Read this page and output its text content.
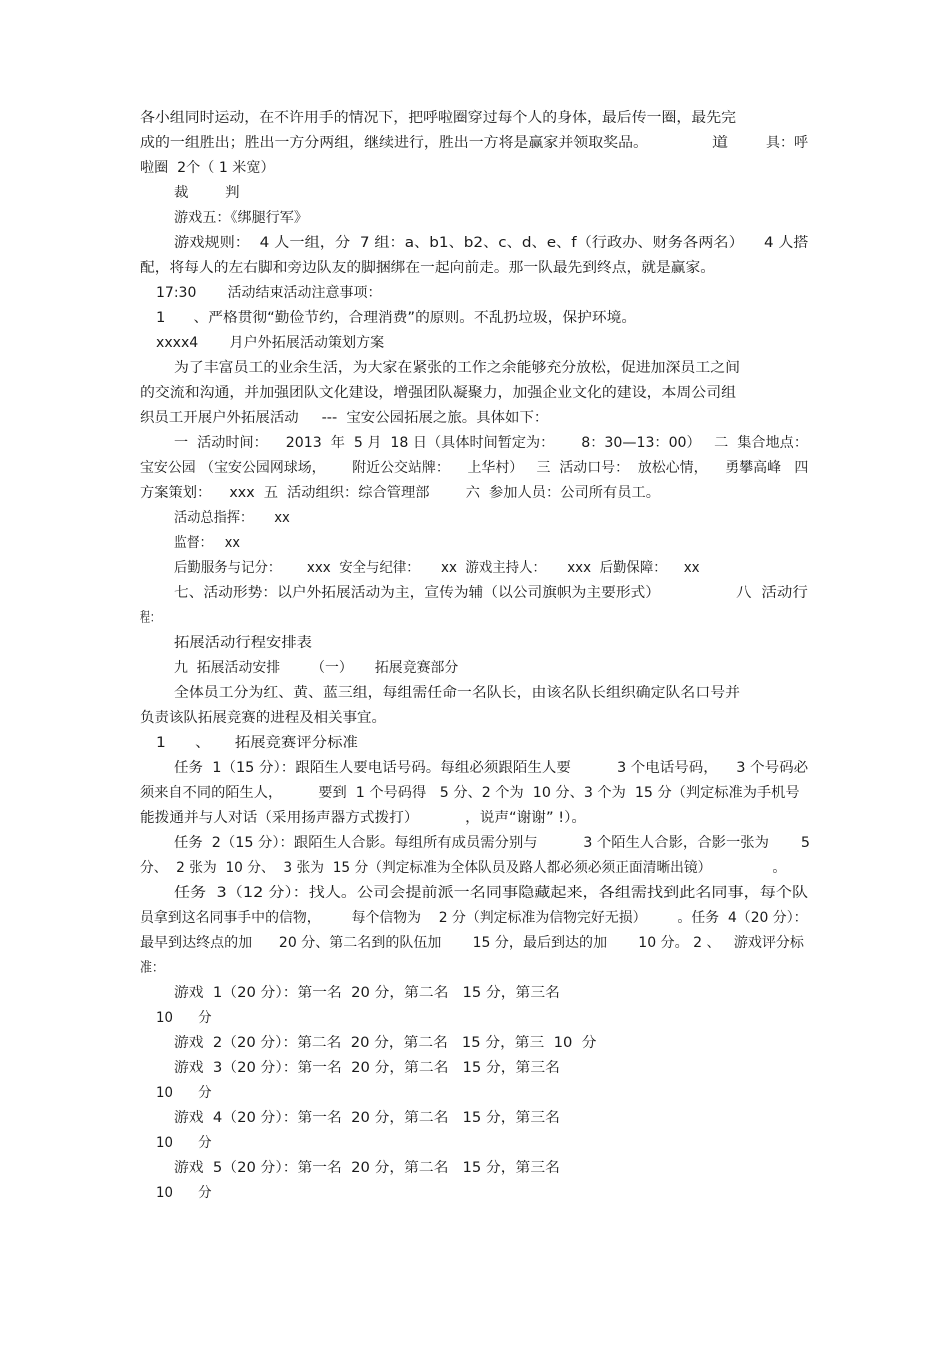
各小组同时运动，在不许用手的情况下，把呼啦圈穿过每个人的身体，最后传一圈，最先完
成的一组胜出；胜出一方分两组，继续进行，胜出一方将是赢家并领取奖品。	道	具：呼
啦圈  2个（ 1 米宽）
裁        判
游戏五：《绑腿行军》
游戏规则：  4 人一组，分  7 组：a、b1、b2、c、d、e、f（行政办、财务各两名） 4 人搭
配，将每人的左右脚和旁边队友的脚捆绑在一起向前走。那一队最先到终点，就是赢家。
17:30       活动结束活动注意事项：
1      、严格贯彻“勤俭节约，合理消费”的原则。不乱扔垃圾，保护环境。
xxxx4       月户外拓展活动策划方案
为了丰富员工的业余生活，为大家在紧张的工作之余能够充分放松，促进加深员工之间
的交流和沟通，并加强团队文化建设，增强团队凝聚力，加强企业文化的建设，本周公司组
织员工开展户外拓展活动     ---  宝安公园拓展之旅。具体如下：
一  活动时间：    2013  年  5 月  18 日（具体时间暂定为：      8：30—13：00）   二  集合地点：
宝安公园 （宝安公园网球场，      附近公交站牌：    上华村）   三  活动口号：  放松心情，    勇攀高峰   四
方案策划：    xxx  五  活动组织：综合管理部        六  参加人员：公司所有员工。
活动总指挥：     xx
监督：   xx
后勤服务与记分：      xxx  安全与纪律：     xx  游戏主持人：     xxx  后勤保障：    xx
七、活动形势：以户外拓展活动为主，宣传为辅（以公司旗帜为主要形式）	八  活动行
程：
拓展活动行程安排表
九  拓展活动安排       （一）     拓展竞赛部分
全体员工分为红、黄、蓝三组，每组需任命一名队长，由该名队长组织确定队名口号并
负责该队拓展竞赛的进程及相关事宜。
1      、     拓展竞赛评分标准
任务  1（15 分）：跟陌生人要电话号码。每组必须跟陌生人要          3 个电话号码，    3 个号码必
须来自不同的陌生人，        要到  1 个号码得   5 分、2 个为  10 分、3 个为  15 分（判定标准为手机号
能拨通并与人对话（采用扬声器方式拨打）          ，说声“谢谢” !）。
任务  2（15 分）：跟陌生人合影。每组所有成员需分别与          3 个陌生人合影，合影一张为       5
分、  2 张为  10 分、  3 张为  15 分（判定标准为全体队员及路人都必须必须正面清晰出镜）              。
任务  3（12 分）：找人。公司会提前派一名同事隐藏起来，各组需找到此名同事，每个队
员拿到这名同事手中的信物，       每个信物为    2 分（判定标准为信物完好无损）       。任务  4（20 分）：
最早到达终点的加      20 分、第二名到的队伍加       15 分，最后到达的加       10 分。 2 、   游戏评分标
准：
游戏  1（20 分）：第一名  20 分，第二名   15 分，第三名
10      分
游戏  2（20 分）：第二名  20 分，第二名   15 分，第三  10  分
游戏  3（20 分）：第一名  20 分，第二名   15 分，第三名
10      分
游戏  4（20 分）：第一名  20 分，第二名   15 分，第三名
10      分
游戏  5（20 分）：第一名  20 分，第二名   15 分，第三名
10      分
